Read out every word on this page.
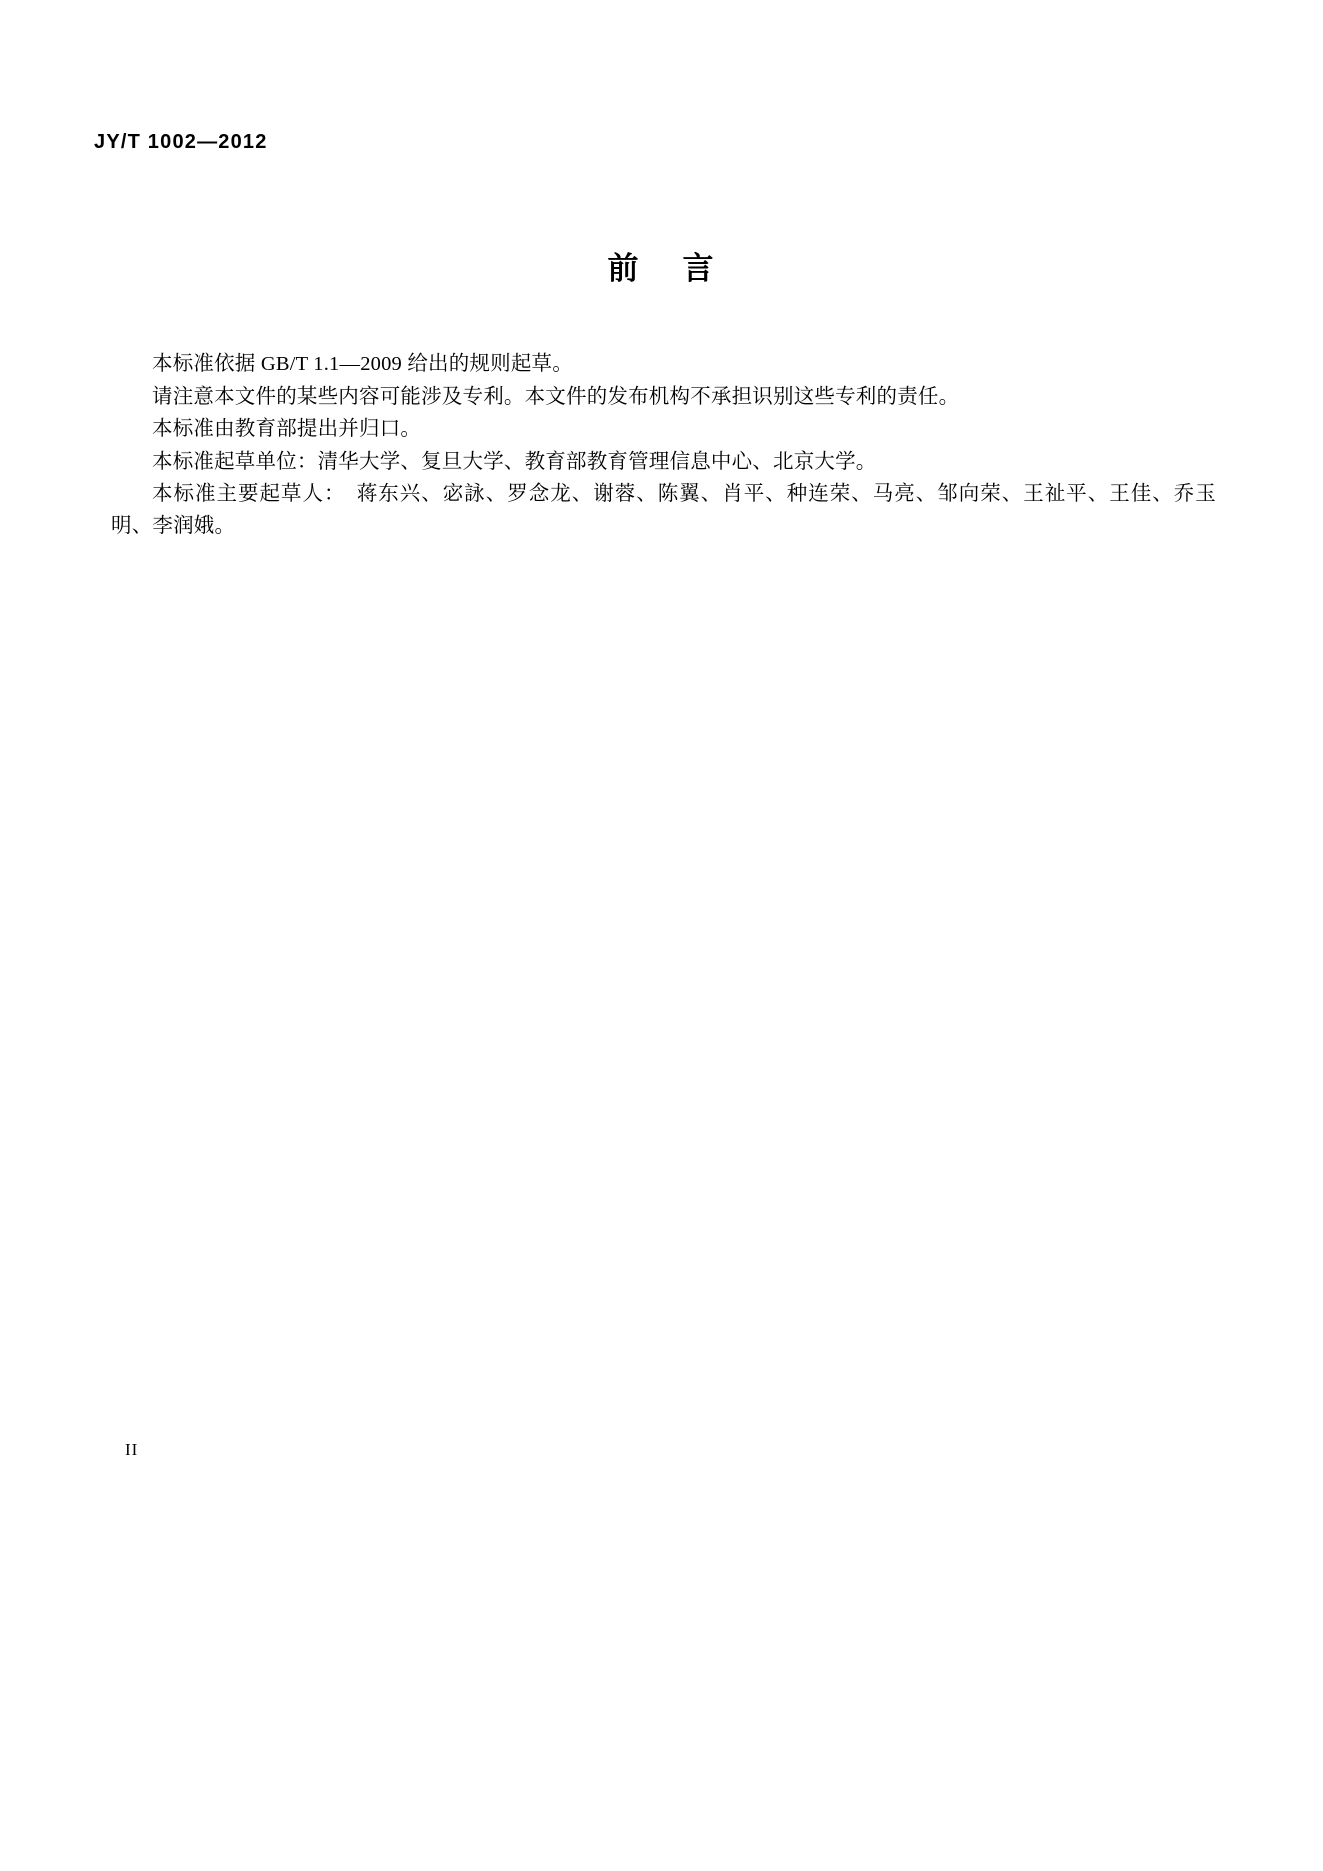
JY/T 1002—2012
前 言

本标准依据 GB/T 1.1—2009 给出的规则起草。

请注意本文件的某些内容可能涉及专利。本文件的发布机构不承担识别这些专利的责任。

本标准由教育部提出并归口。

本标准起草单位：清华大学、复旦大学、教育部教育管理信息中心、北京大学。

本标准主要起草人：　蒋东兴、宓詠、罗念龙、谢蓉、陈翼、肖平、种连荣、马亮、邹向荣、王祉平、王佳、乔玉明、李润娥。

II
